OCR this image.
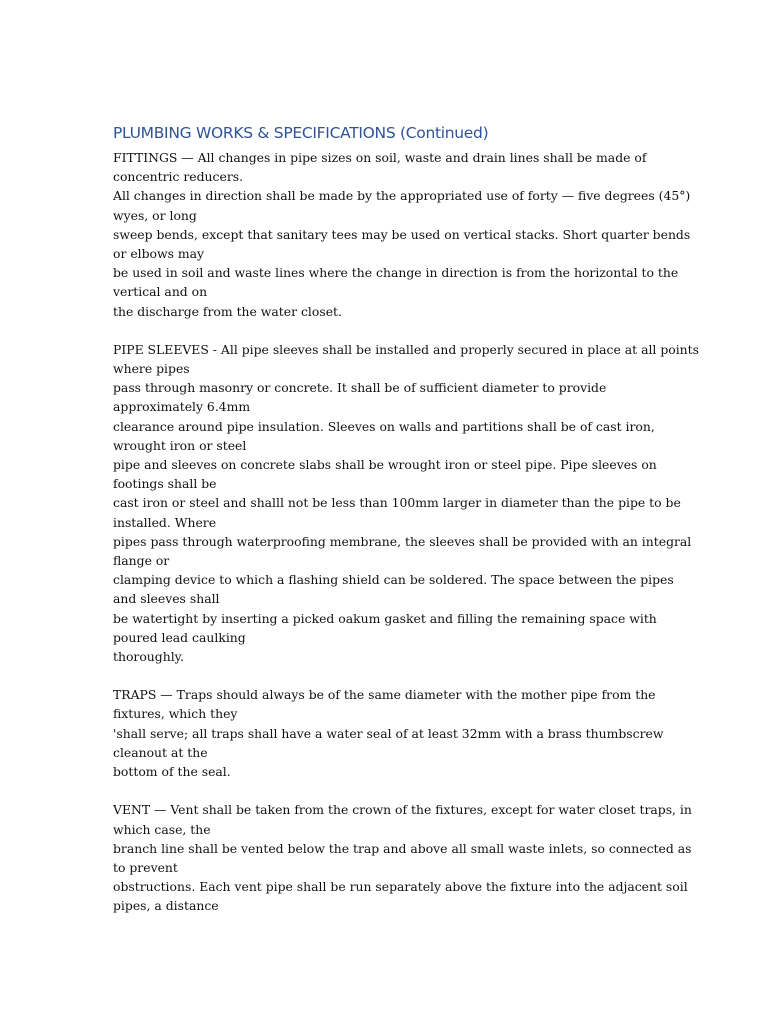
PLUMBING WORKS & SPECIFICATIONS (Continued)
FITTINGS — All changes in pipe sizes on soil, waste and drain lines shall be made of
concentric reducers.
All changes in direction shall be made by the appropriated use of forty — five degrees (45°)
wyes, or long
sweep bends, except that sanitary tees may be used on vertical stacks. Short quarter bends
or elbows may
be used in soil and waste lines where the change in direction is from the horizontal to the
vertical and on
the discharge from the water closet.
PIPE SLEEVES - All pipe sleeves shall be installed and properly secured in place at all points
where pipes
pass through masonry or concrete. It shall be of sufficient diameter to provide
approximately 6.4mm
clearance around pipe insulation. Sleeves on walls and partitions shall be of cast iron,
wrought iron or steel
pipe and sleeves on concrete slabs shall be wrought iron or steel pipe. Pipe sleeves on
footings shall be
cast iron or steel and shalll not be less than 100mm larger in diameter than the pipe to be
installed. Where
pipes pass through waterproofing membrane, the sleeves shall be provided with an integral
flange or
clamping device to which a flashing shield can be soldered. The space between the pipes
and sleeves shall
be watertight by inserting a picked oakum gasket and filling the remaining space with
poured lead caulking
thoroughly.
TRAPS — Traps should always be of the same diameter with the mother pipe from the
fixtures, which they
'shall serve; all traps shall have a water seal of at least 32mm with a brass thumbscrew
cleanout at the
bottom of the seal.
VENT — Vent shall be taken from the crown of the fixtures, except for water closet traps, in
which case, the
branch line shall be vented below the trap and above all small waste inlets, so connected as
to prevent
obstructions. Each vent pipe shall be run separately above the fixture into the adjacent soil
pipes, a distance
